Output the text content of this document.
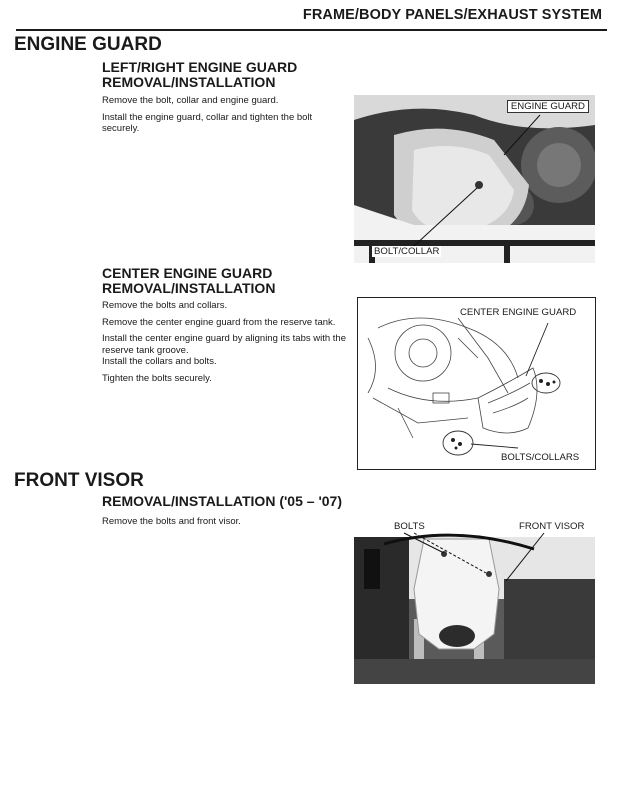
FRAME/BODY PANELS/EXHAUST SYSTEM
ENGINE GUARD
LEFT/RIGHT ENGINE GUARD
REMOVAL/INSTALLATION

Remove the bolt, collar and engine guard.

Install the engine guard, collar and tighten the bolt securely.

ENGINE GUARD
BOLT/COLLAR
CENTER ENGINE GUARD
REMOVAL/INSTALLATION

Remove the bolts and collars.

Remove the center engine guard from the reserve tank.

Install the center engine guard by aligning its tabs with the reserve tank groove.

Install the collars and bolts.

Tighten the bolts securely.

CENTER ENGINE GUARD
BOLTS/COLLARS
FRONT VISOR
REMOVAL/INSTALLATION ('05 – '07)

Remove the bolts and front visor.	BOLTS	FRONT VISOR
